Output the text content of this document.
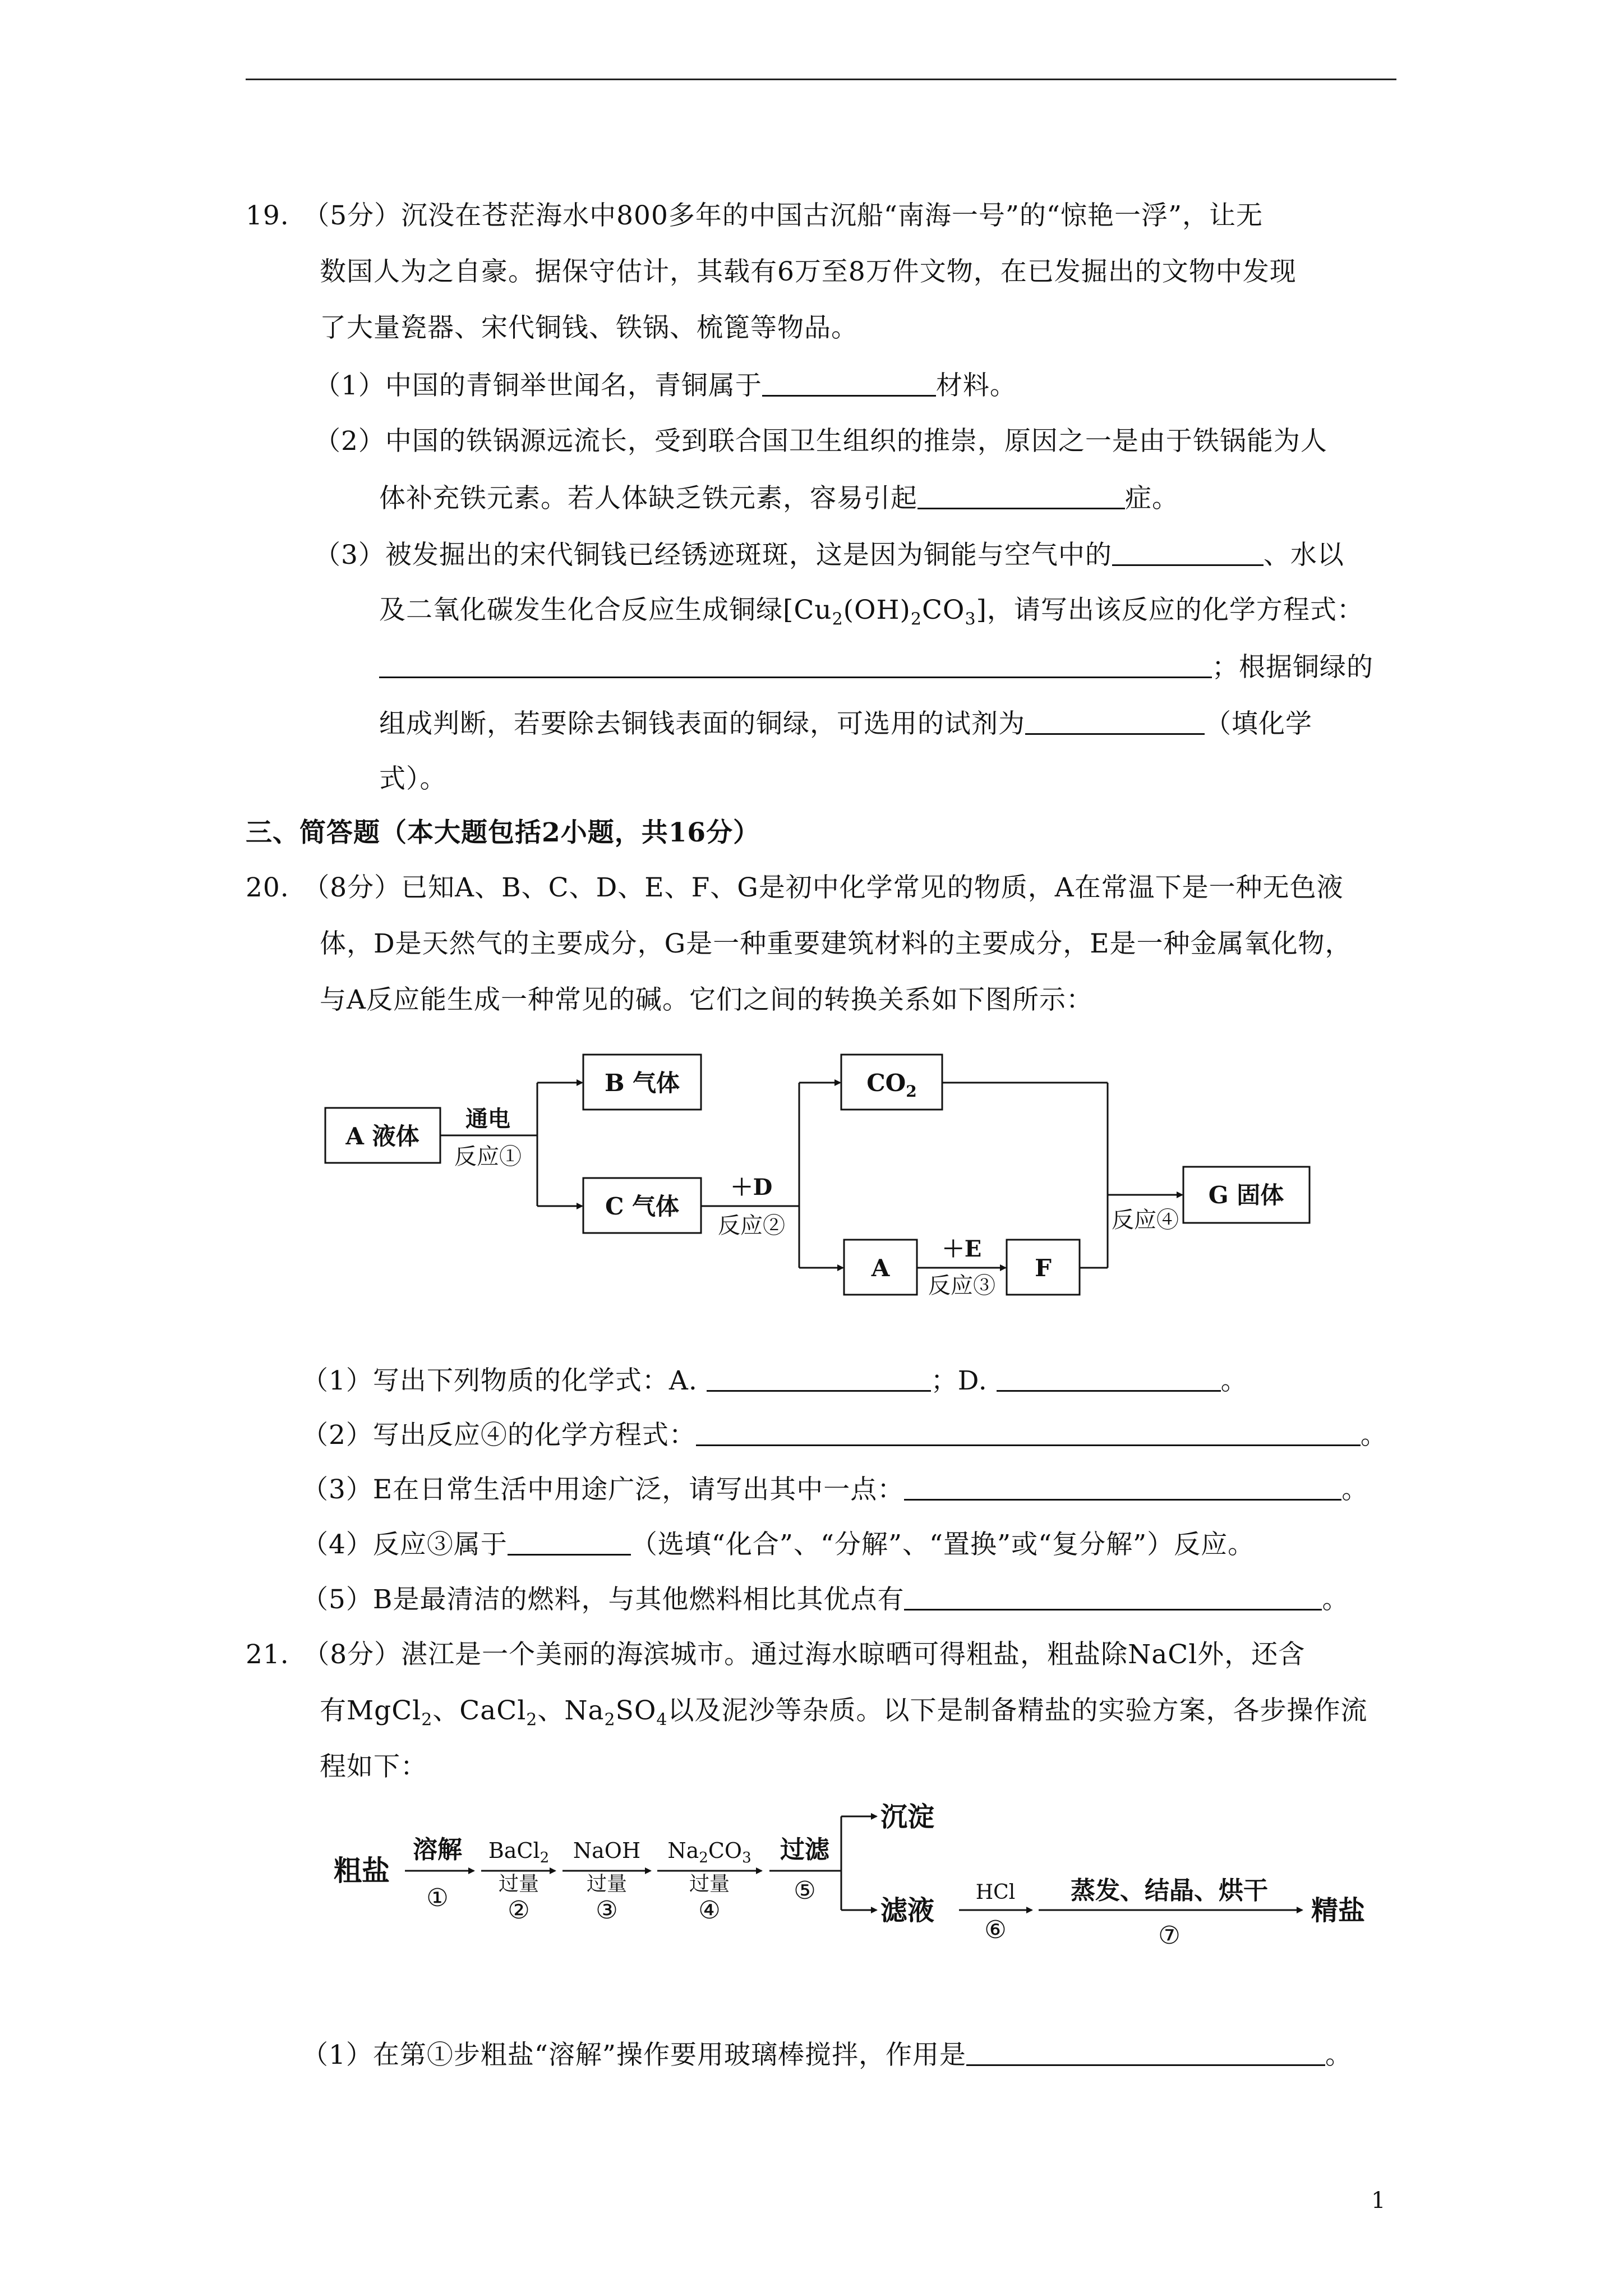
19.　（5分）沉没在苍茫海水中800多年的中国古沉船“南海一号”的“惊艳一浮”，让无
数国人为之自豪。据保守估计，其载有6万至8万件文物，在已发掘出的文物中发现
了大量瓷器、宋代铜钱、铁锅、梳篦等物品。
（1）中国的青铜举世闻名，青铜属于	材料。
（2）中国的铁锅源远流长，受到联合国卫生组织的推崇，原因之一是由于铁锅能为人
体补充铁元素。若人体缺乏铁元素，容易引起	症。
（3）被发掘出的宋代铜钱已经锈迹斑斑，这是因为铜能与空气中的	、水以
及二氧化碳发生化合反应生成铜绿$[Cu_2(OH)_2CO_3]$，请写出该反应的化学方程式：
；根据铜绿的
组成判断，若要除去铜钱表面的铜绿，可选用的试剂为	（填化学
式）。
三、简答题（本大题包括2小题，共16分）
20.　（8分）已知A、B、C、D、E、F、G是初中化学常见的物质，A在常温下是一种无色液
体，D是天然气的主要成分，G是一种重要建筑材料的主要成分，E是一种金属氧化物，
与A反应能生成一种常见的碱。它们之间的转换关系如下图所示：
A 液体
B 气体
C 气体
$CO_2$
A	F
G 固体
通电
反应①
＋D
反应②
＋E
反应③
反应④
（1）写出下列物质的化学式：A.	；D.	。
（2）写出反应④的化学方程式：	。
（3）E在日常生活中用途广泛，请写出其中一点：	。
（4）反应③属于	（选填“化合”、“分解”、“置换”或“复分解”）反应。
（5）B是最清洁的燃料，与其他燃料相比其优点有	。
21.　（8分）湛江是一个美丽的海滨城市。通过海水晾晒可得粗盐，粗盐除NaCl外，还含
有MgCl$_2$、CaCl$_2$、$Na_2SO_4$以及泥沙等杂质。以下是制备精盐的实验方案，各步操作流
程如下：
粗盐
溶解
①
BaCl$_2$
过量
②
NaOH
过量
③
$Na_2CO_3$
过量
④
过滤
⑤
沉淀
滤液
HCl
⑥
蒸发、结晶、烘干
⑦
精盐
（1）在第①步粗盐“溶解”操作要用玻璃棒搅拌，作用是	。
1
